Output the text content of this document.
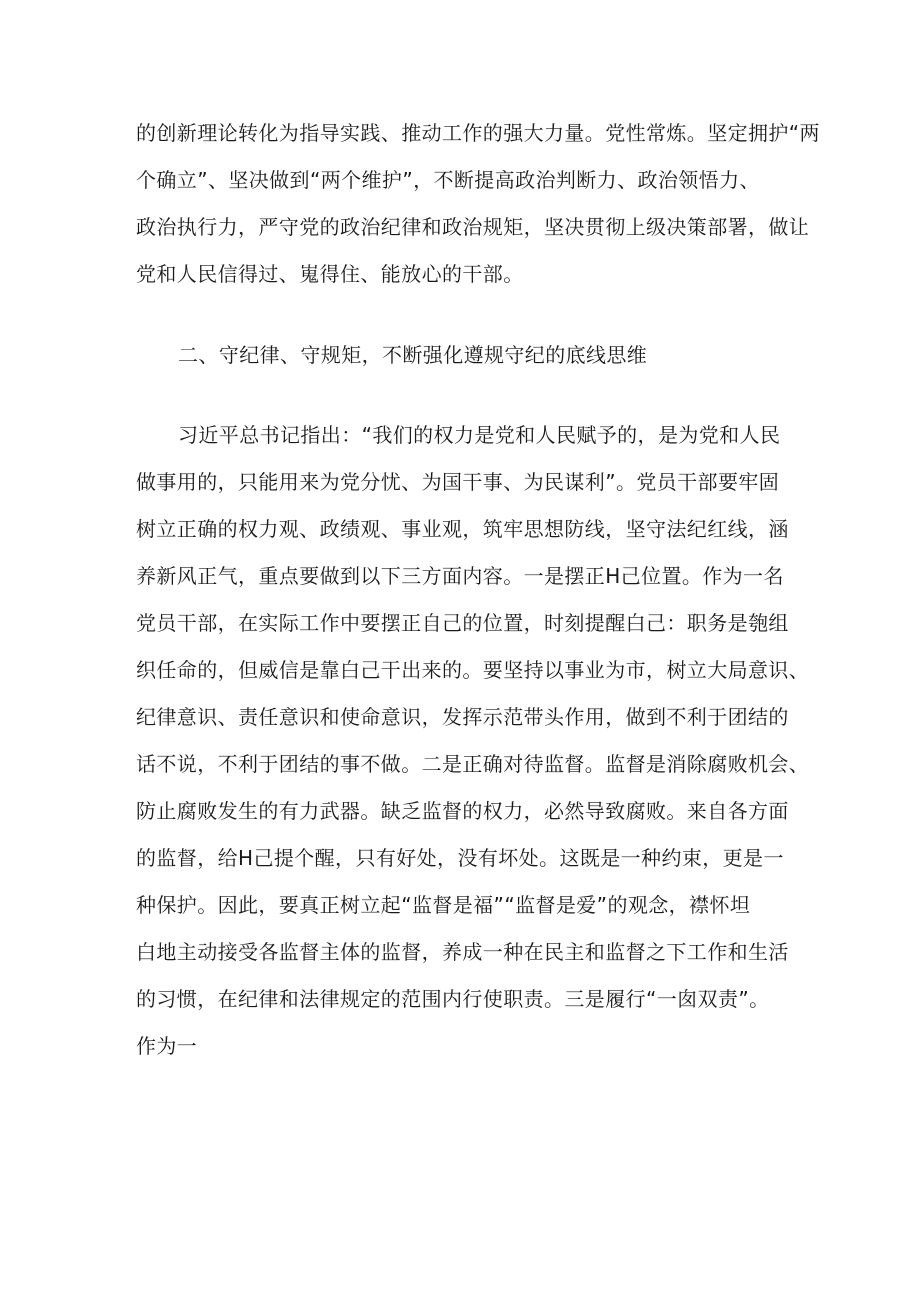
的创新理论转化为指导实践、推动工作的强大力量。党性常炼。坚定拥护“两

个确立”、坚决做到“两个维护”，不断提高政治判断力、政治领悟力、

政治执行力，严守党的政治纪律和政治规矩，坚决贯彻上级决策部署，做让

党和人民信得过、嵬得住、能放心的干部。

二、守纪律、守规矩，不断强化遵规守纪的底线思维

习近平总书记指出：“我们的权力是党和人民赋予的，是为党和人民

做事用的，只能用来为党分忧、为国干事、为民谋利”。党员干部要牢固

树立正确的权力观、政绩观、事业观，筑牢思想防线，坚守法纪红线，涵

养新风正气，重点要做到以下三方面内容。一是摆正H己位置。作为一名

党员干部，在实际工作中要摆正自己的位置，时刻提醒白己：职务是匏组

织任命的，但威信是靠白己干出来的。要坚持以事业为市，树立大局意识、

纪律意识、责任意识和使命意识，发挥示范带头作用，做到不利于团结的

话不说，不利于团结的事不做。二是正确对待监督。监督是消除腐败机会、

防止腐败发生的有力武器。缺乏监督的权力，必然导致腐败。来自各方面

的监督，给H己提个醒，只有好处，没有坏处。这既是一种约束，更是一

种保护。因此，要真正树立起“监督是福”“监督是爱”的观念，襟怀坦

白地主动接受各监督主体的监督，养成一种在民主和监督之下工作和生活

的习惯，在纪律和法律规定的范围内行使职责。三是履行“一囱双责”。

作为一
